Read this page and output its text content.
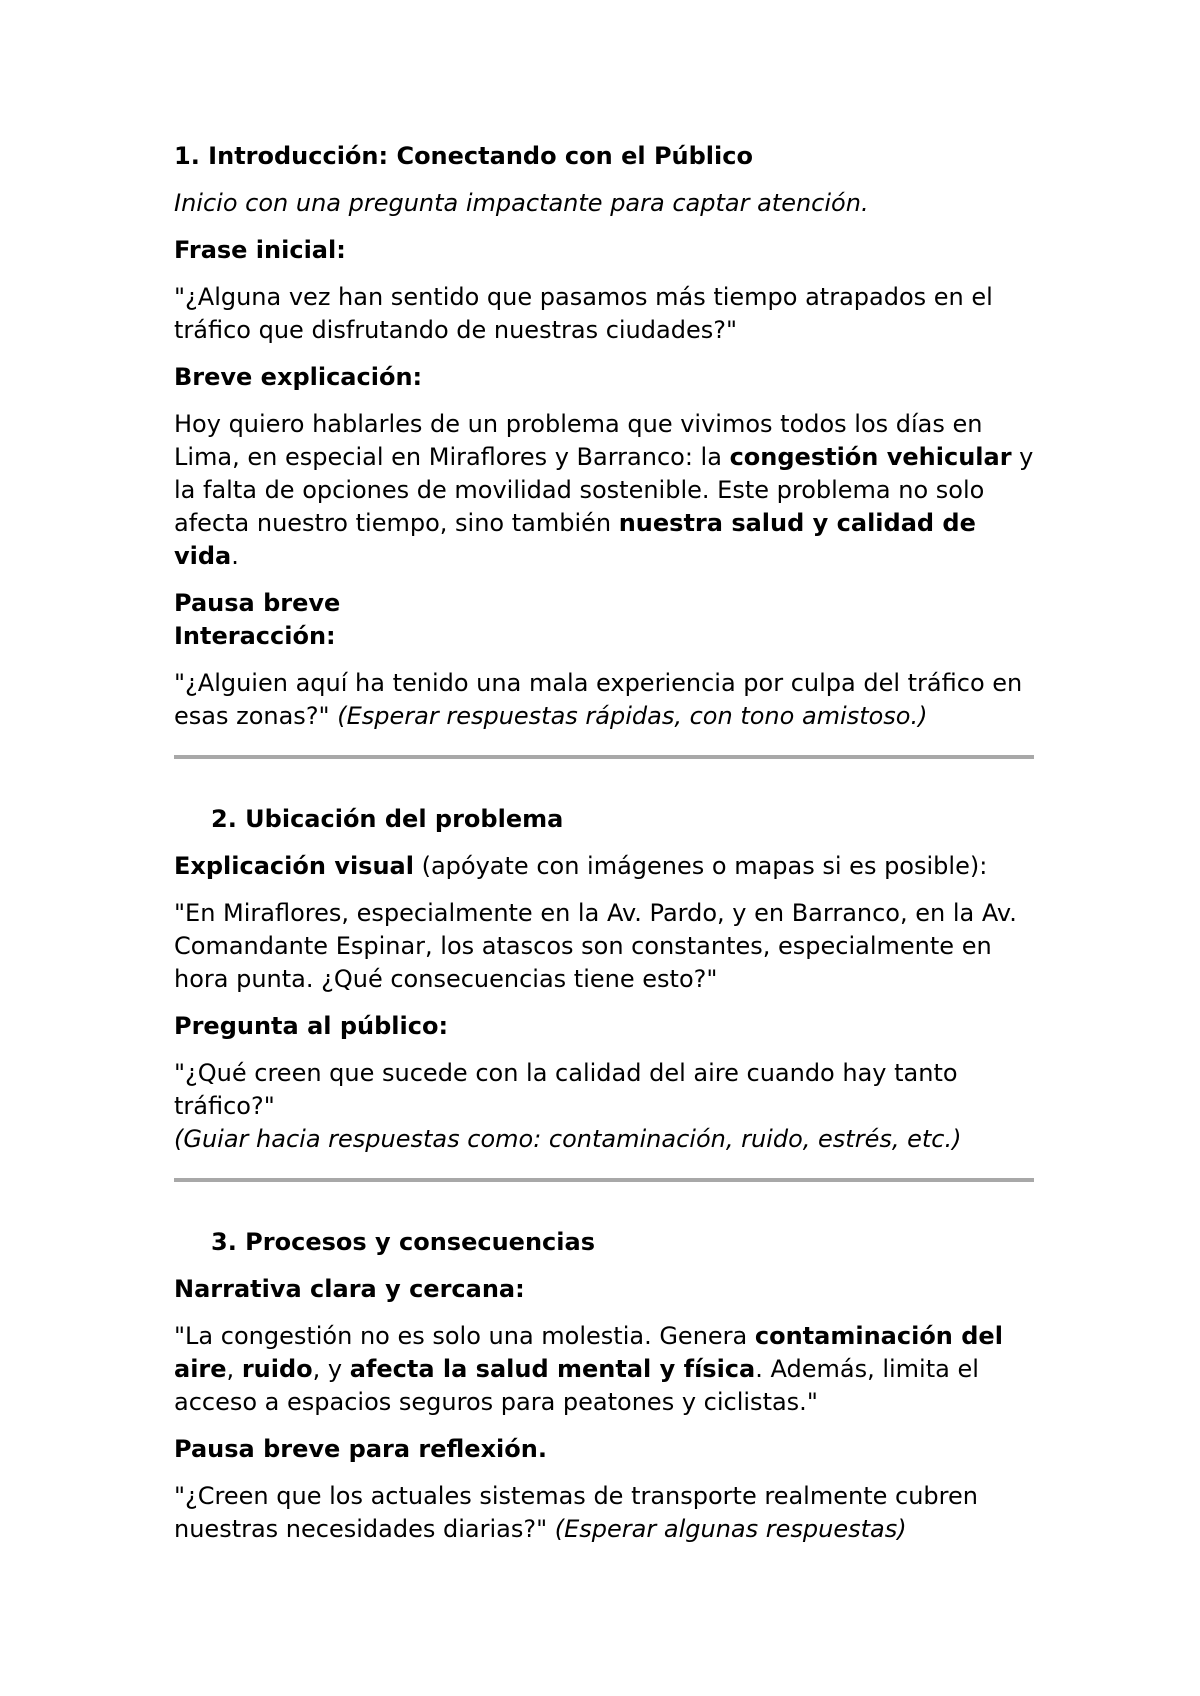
1. Introducción: Conectando con el Público
Inicio con una pregunta impactante para captar atención.
Frase inicial:
"¿Alguna vez han sentido que pasamos más tiempo atrapados en el tráfico que disfrutando de nuestras ciudades?"
Breve explicación:
Hoy quiero hablarles de un problema que vivimos todos los días en Lima, en especial en Miraflores y Barranco: la congestión vehicular y la falta de opciones de movilidad sostenible. Este problema no solo afecta nuestro tiempo, sino también nuestra salud y calidad de vida.
Pausa breve
Interacción:
"¿Alguien aquí ha tenido una mala experiencia por culpa del tráfico en esas zonas?" (Esperar respuestas rápidas, con tono amistoso.)
2. Ubicación del problema
Explicación visual (apóyate con imágenes o mapas si es posible):
"En Miraflores, especialmente en la Av. Pardo, y en Barranco, en la Av. Comandante Espinar, los atascos son constantes, especialmente en hora punta. ¿Qué consecuencias tiene esto?"
Pregunta al público:
"¿Qué creen que sucede con la calidad del aire cuando hay tanto tráfico?"
(Guiar hacia respuestas como: contaminación, ruido, estrés, etc.)
3. Procesos y consecuencias
Narrativa clara y cercana:
"La congestión no es solo una molestia. Genera contaminación del aire, ruido, y afecta la salud mental y física. Además, limita el acceso a espacios seguros para peatones y ciclistas."
Pausa breve para reflexión.
"¿Creen que los actuales sistemas de transporte realmente cubren nuestras necesidades diarias?" (Esperar algunas respuestas)
